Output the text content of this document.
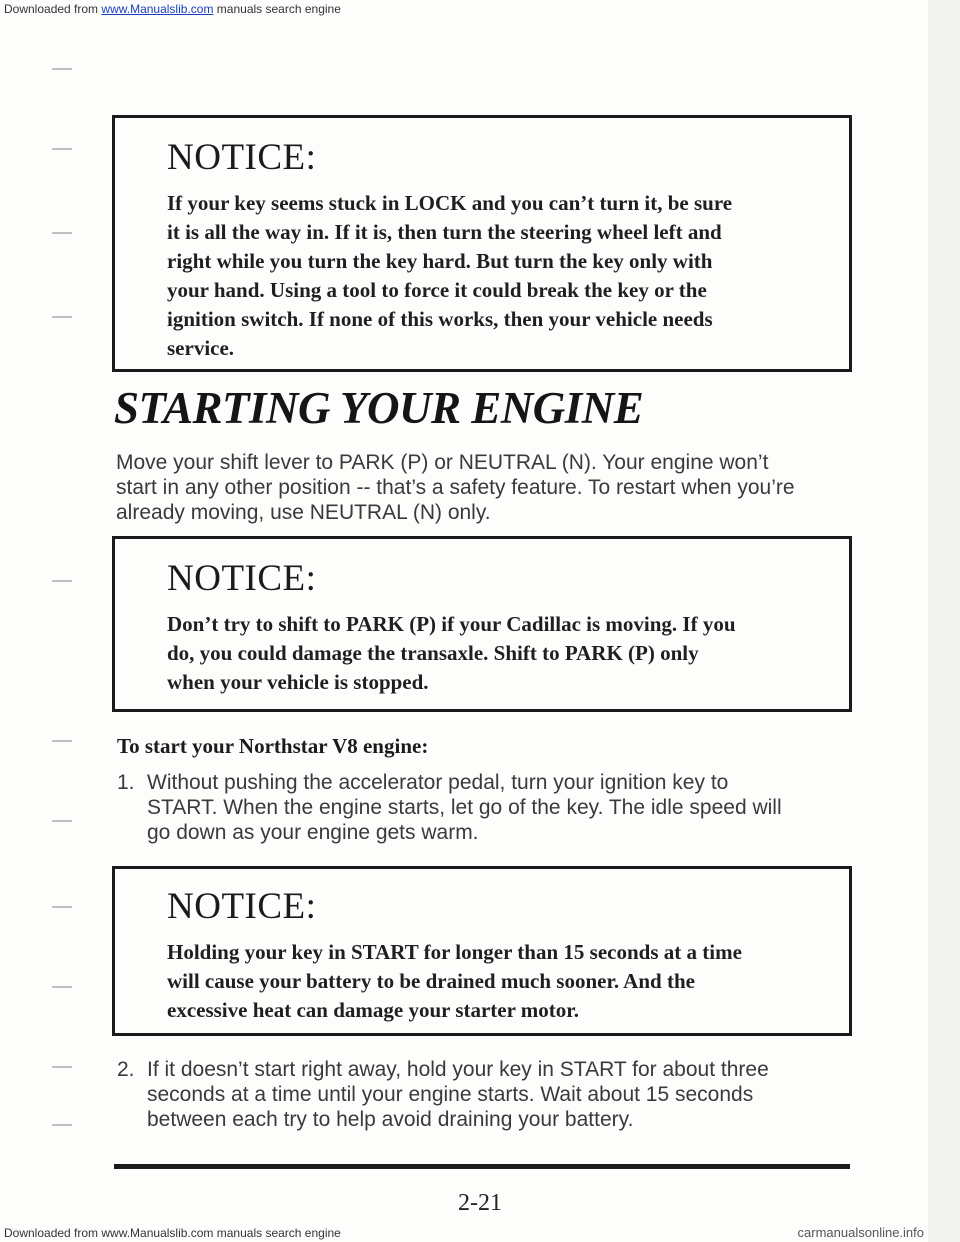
Downloaded from www.Manualslib.com manuals search engine
NOTICE:
If your key seems stuck in LOCK and you can’t turn it, be sure
it is all the way in. If it is, then turn the steering wheel left and
right while you turn the key hard. But turn the key only with
your hand. Using a tool to force it could break the key or the
ignition switch. If none of this works, then your vehicle needs
service.
STARTING YOUR ENGINE
Move your shift lever to PARK (P) or NEUTRAL (N). Your engine won’t
start in any other position -- that’s a safety feature. To restart when you’re
already moving, use NEUTRAL (N) only.
NOTICE:
Don’t try to shift to PARK (P) if your Cadillac is moving. If you
do, you could damage the transaxle. Shift to PARK (P) only
when your vehicle is stopped.
To start your Northstar V8 engine:
1. Without pushing the accelerator pedal, turn your ignition key to
START. When the engine starts, let go of the key. The idle speed will
go down as your engine gets warm.
NOTICE:
Holding your key in START for longer than 15 seconds at a time
will cause your battery to be drained much sooner. And the
excessive heat can damage your starter motor.
2. If it doesn’t start right away, hold your key in START for about three
seconds at a time until your engine starts. Wait about 15 seconds
between each try to help avoid draining your battery.
2-21
carmanualsonline.info
Downloaded from www.Manualslib.com manuals search engine
